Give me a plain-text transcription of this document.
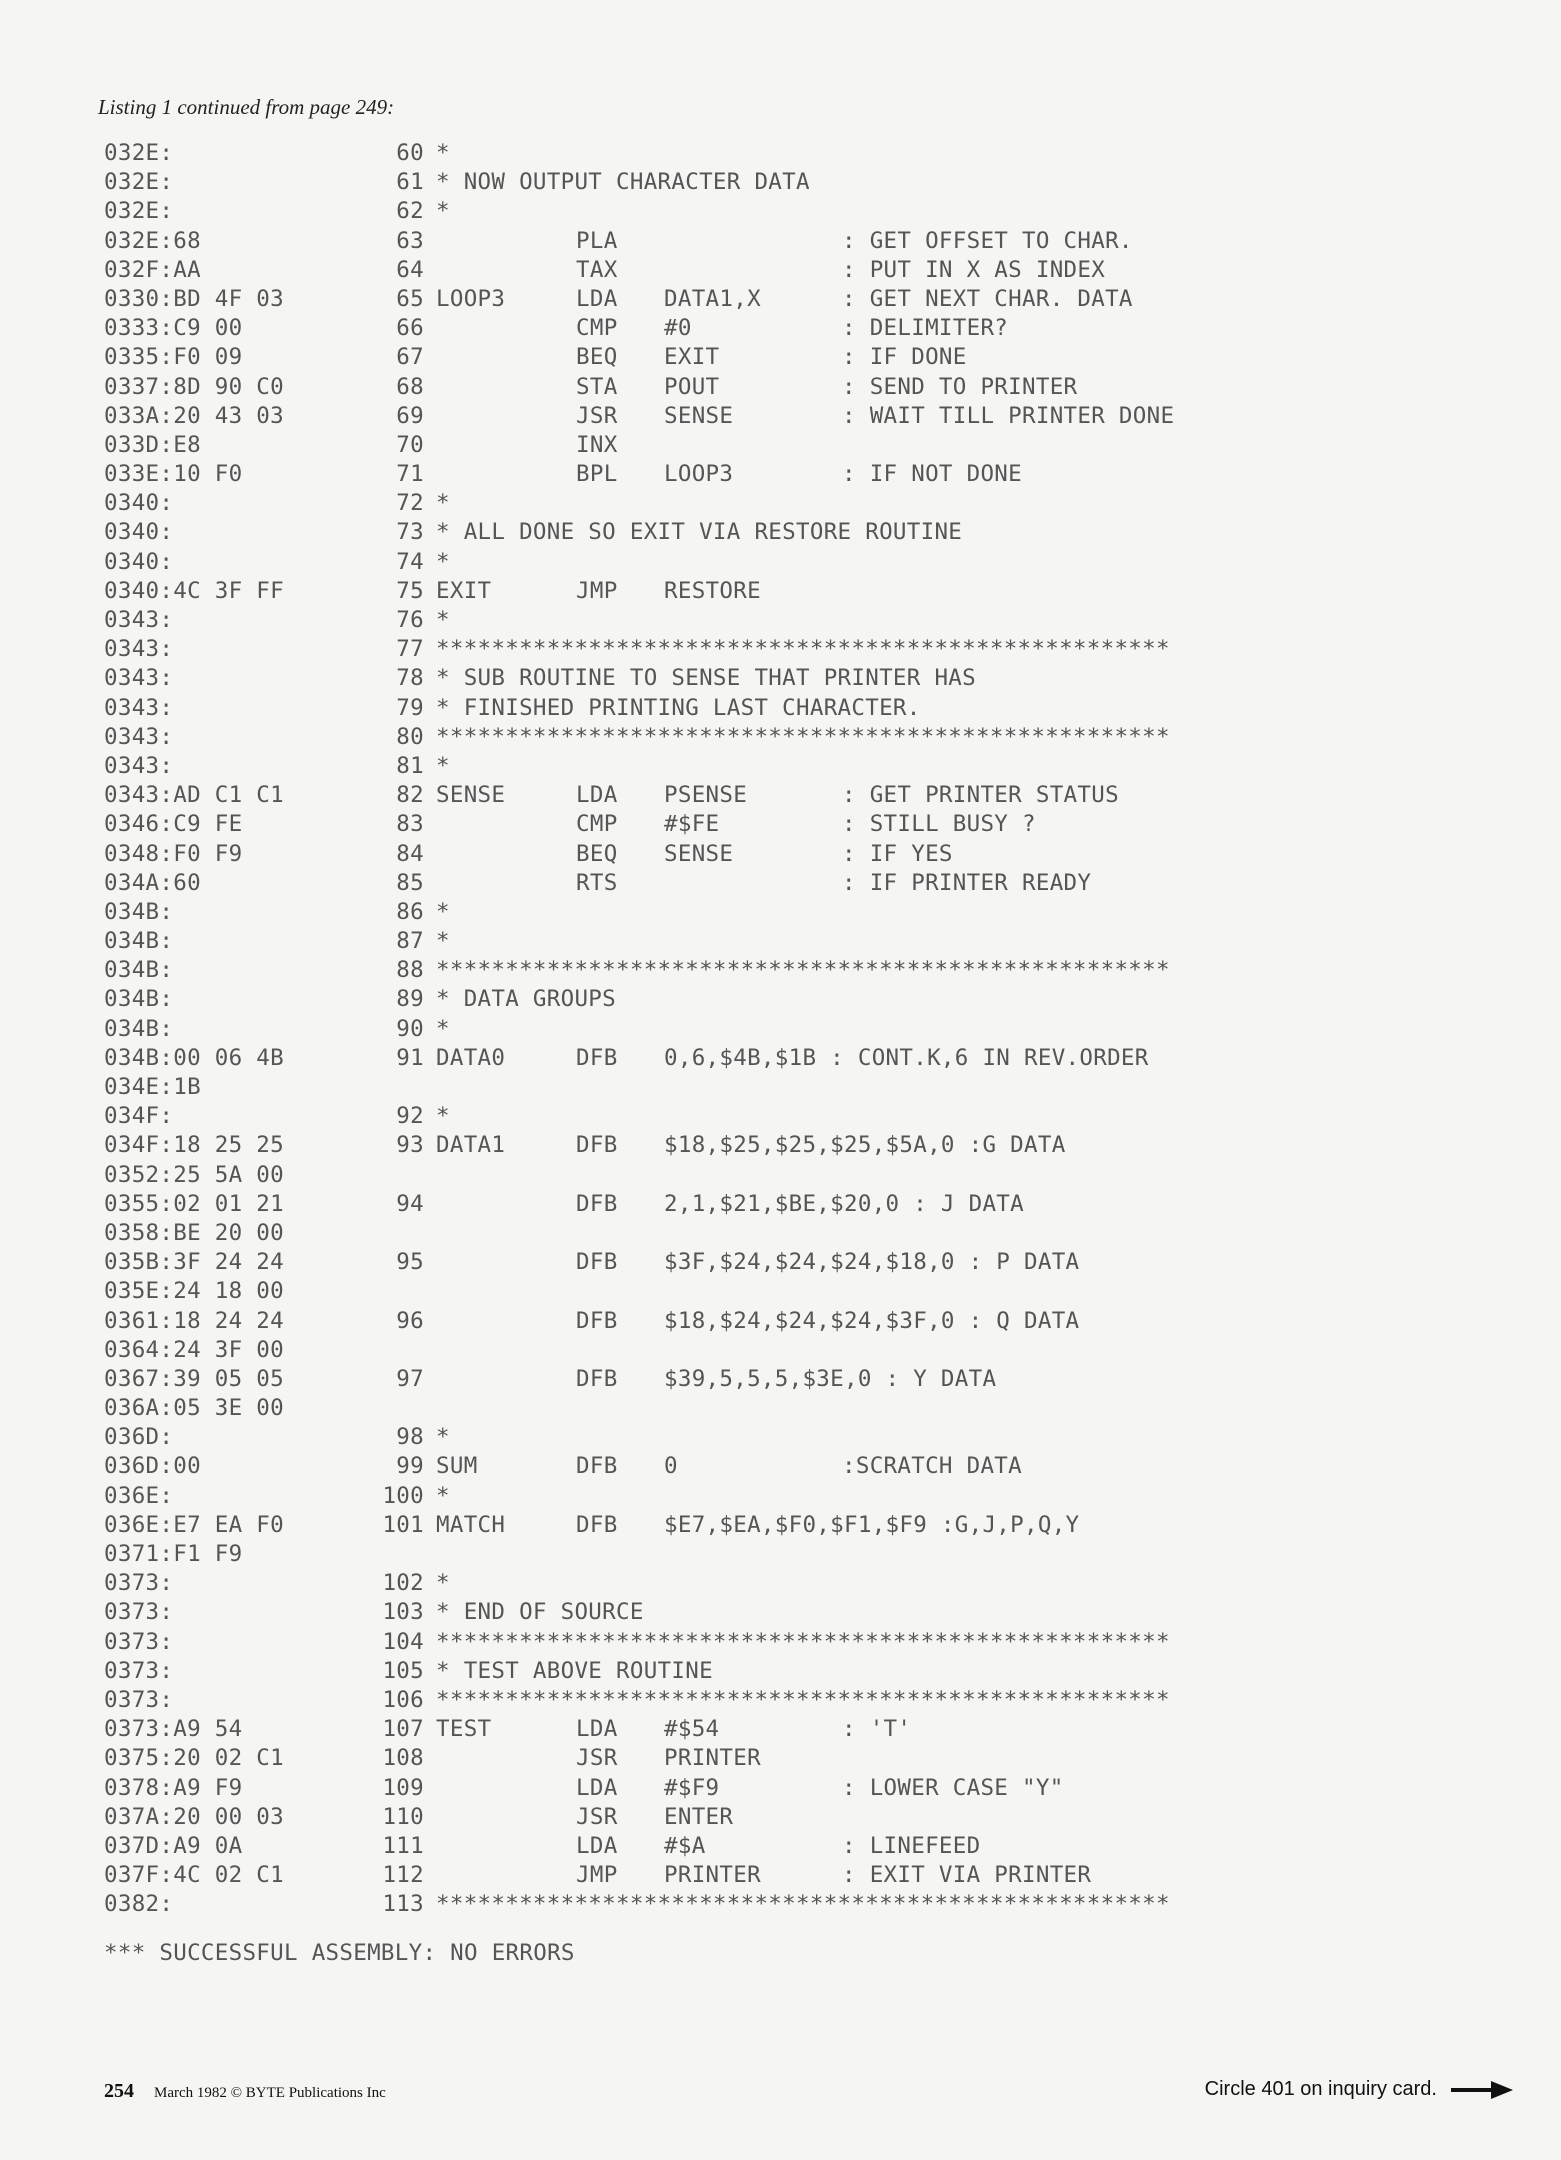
Listing 1 continued from page 249:
032E:	60 *
032E:	61 * NOW OUTPUT CHARACTER DATA
032E:	62 *
032E:68	63	PLA	: GET OFFSET TO CHAR.
032F:AA	64	TAX	: PUT IN X AS INDEX
0330:BD 4F 03	65 LOOP3	LDA	DATA1,X	: GET NEXT CHAR. DATA
0333:C9 00	66	CMP	#0	: DELIMITER?
0335:F0 09	67	BEQ	EXIT	: IF DONE
0337:8D 90 C0	68	STA	POUT	: SEND TO PRINTER
033A:20 43 03	69	JSR	SENSE	: WAIT TILL PRINTER DONE
033D:E8	70	INX
033E:10 F0	71	BPL	LOOP3	: IF NOT DONE
0340:	72 *
0340:	73 * ALL DONE SO EXIT VIA RESTORE ROUTINE
0340:	74 *
0340:4C 3F FF	75 EXIT	JMP	RESTORE
0343:	76 *
0343:	77 *****************************************************
0343:	78 * SUB ROUTINE TO SENSE THAT PRINTER HAS
0343:	79 * FINISHED PRINTING LAST CHARACTER.
0343:	80 *****************************************************
0343:	81 *
0343:AD C1 C1	82 SENSE	LDA	PSENSE	: GET PRINTER STATUS
0346:C9 FE	83	CMP	#$FE	: STILL BUSY ?
0348:F0 F9	84	BEQ	SENSE	: IF YES
034A:60	85	RTS	: IF PRINTER READY
034B:	86 *
034B:	87 *
034B:	88 *****************************************************
034B:	89 * DATA GROUPS
034B:	90 *
034B:00 06 4B	91 DATA0	DFB	0,6,$4B,$1B : CONT.K,6 IN REV.ORDER
034E:1B
034F:	92 *
034F:18 25 25	93 DATA1	DFB	$18,$25,$25,$25,$5A,0 :G DATA
0352:25 5A 00
0355:02 01 21	94	DFB	2,1,$21,$BE,$20,0 : J DATA
0358:BE 20 00
035B:3F 24 24	95	DFB	$3F,$24,$24,$24,$18,0 : P DATA
035E:24 18 00
0361:18 24 24	96	DFB	$18,$24,$24,$24,$3F,0 : Q DATA
0364:24 3F 00
0367:39 05 05	97	DFB	$39,5,5,5,$3E,0 : Y DATA
036A:05 3E 00
036D:	98 *
036D:00	99 SUM	DFB	0	:SCRATCH DATA
036E:	100 *
036E:E7 EA F0	101 MATCH	DFB	$E7,$EA,$F0,$F1,$F9 :G,J,P,Q,Y
0371:F1 F9
0373:	102 *
0373:	103 * END OF SOURCE
0373:	104 *****************************************************
0373:	105 * TEST ABOVE ROUTINE
0373:	106 *****************************************************
0373:A9 54	107 TEST	LDA	#$54	: 'T'
0375:20 02 C1	108	JSR	PRINTER
0378:A9 F9	109	LDA	#$F9	: LOWER CASE "Y"
037A:20 00 03	110	JSR	ENTER
037D:A9 0A	111	LDA	#$A	: LINEFEED
037F:4C 02 C1	112	JMP	PRINTER	: EXIT VIA PRINTER
0382:	113 *****************************************************
*** SUCCESSFUL ASSEMBLY: NO ERRORS
254 March 1982 © BYTE Publications Inc	Circle 401 on inquiry card.
